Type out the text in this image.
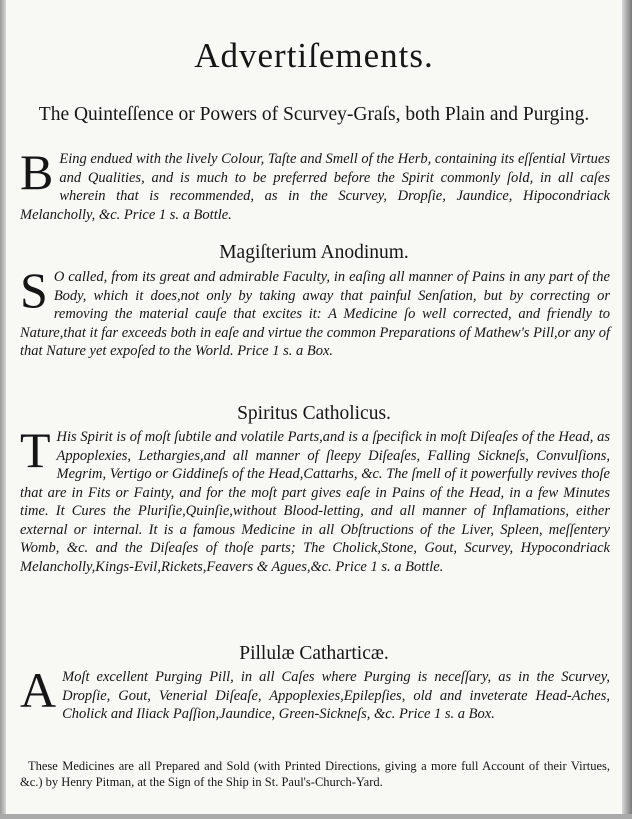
Advertiſements.
The Quinteſſence or Powers of Scurvey-Graſs, both Plain and Purging.
B Eing endued with the lively Colour, Taſte and Smell of the Herb, containing its eſſential Virtues and Qualities, and is much to be preferred before the Spirit commonly ſold, in all caſes wherein that is recommended, as in the Scurvey, Dropſie, Jaundice, Hipocondriack Melancholly, &c. Price 1 s. a Bottle.
Magiſterium Anodinum.
S O called, from its great and admirable Faculty, in eaſing all manner of Pains in any part of the Body, which it does,not only by taking away that painful Senſation, but by correcting or removing the material cauſe that excites it: A Medicine ſo well corrected, and friendly to Nature,that it far exceeds both in eaſe and virtue the common Preparations of Mathew's Pill,or any of that Nature yet expoſed to the World. Price 1 s. a Box.
Spiritus Catholicus.
T His Spirit is of moſt ſubtile and volatile Parts,and is a ſpecifick in moſt Diſeaſes of the Head, as Appoplexies, Lethargies,and all manner of ſleepy Diſeaſes, Falling Sickneſs, Convulſions, Megrim, Vertigo or Giddineſs of the Head,Cattarhs, &c. The ſmell of it powerfully revives thoſe that are in Fits or Fainty, and for the moſt part gives eaſe in Pains of the Head, in a few Minutes time. It Cures the Pluriſie,Quinſie,without Blood-letting, and all manner of Inflamations, either external or internal. It is a famous Medicine in all Obſtructions of the Liver, Spleen, meſſentery Womb, &c. and the Diſeaſes of thoſe parts; The Cholick,Stone, Gout, Scurvey, Hypocondriack Melancholly,Kings-Evil,Rickets,Feavers & Agues,&c. Price 1 s. a Bottle.
Pillulæ Catharticæ.
A Moſt excellent Purging Pill, in all Caſes where Purging is neceſſary, as in the Scurvey, Dropſie, Gout, Venerial Diſeaſe, Appoplexies,Epilepſies, old and inveterate Head-Aches, Cholick and Iliack Paſſion,Jaundice, Green-Sickneſs, &c. Price 1 s. a Box.
These Medicines are all Prepared and Sold (with Printed Directions, giving a more full Account of their Virtues, &c.) by Henry Pitman, at the Sign of the Ship in St. Paul's-Church-Yard.
